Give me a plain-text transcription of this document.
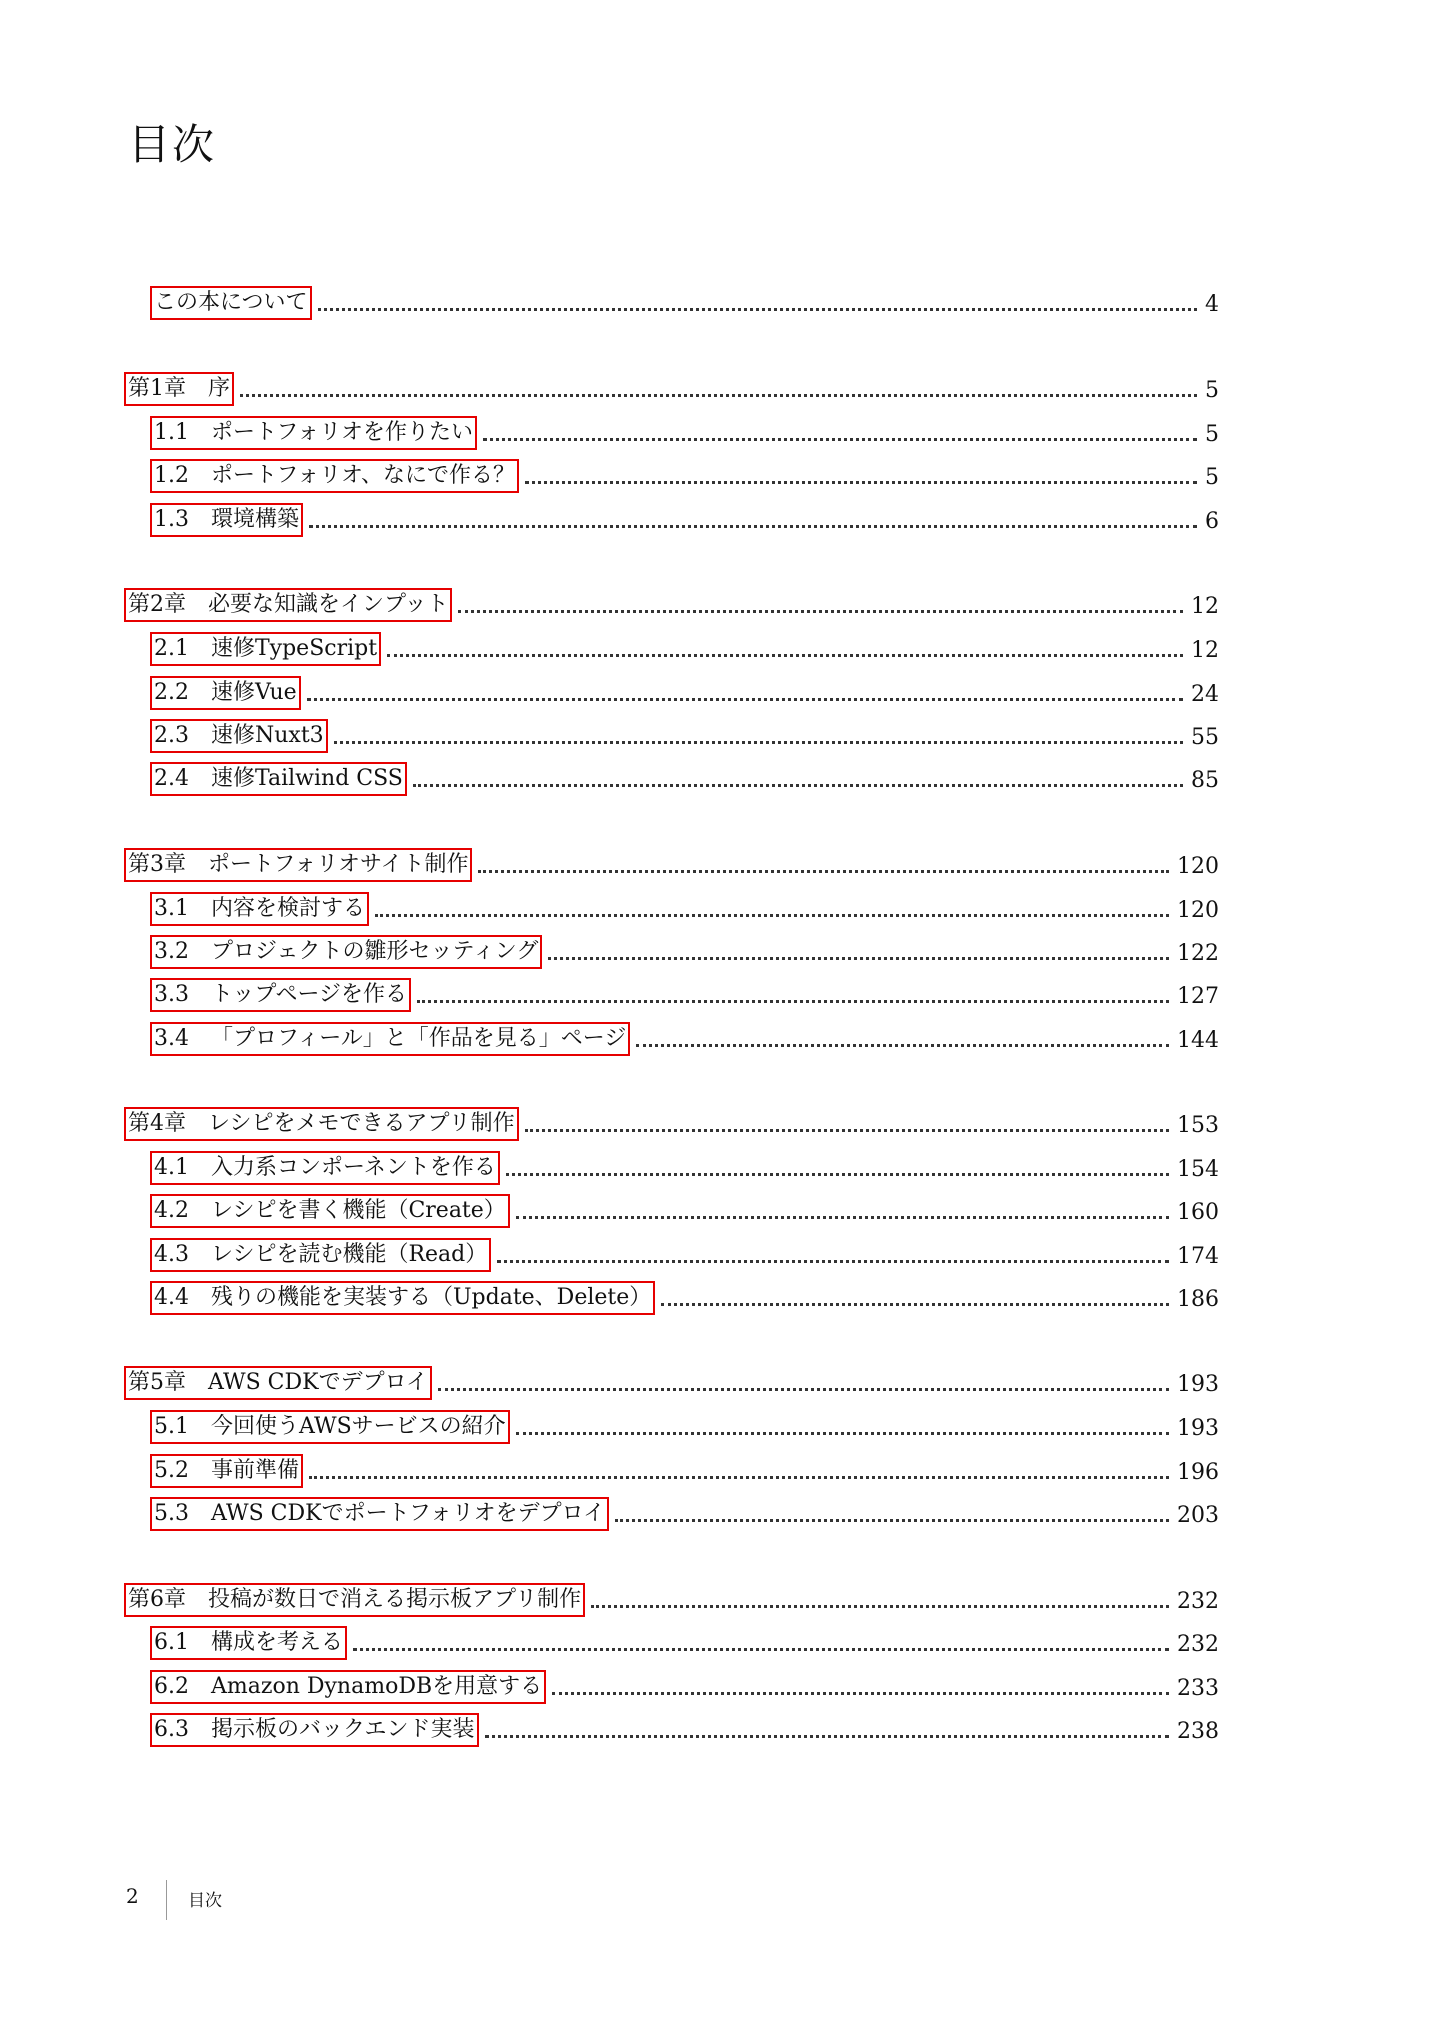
目次
この本について	4
第1章 序	5
1.1 ポートフォリオを作りたい	5
1.2 ポートフォリオ、なにで作る？	5
1.3 環境構築	6
第2章 必要な知識をインプット	12
2.1 速修TypeScript	12
2.2 速修Vue	24
2.3 速修Nuxt3	55
2.4 速修Tailwind CSS	85
第3章 ポートフォリオサイト制作	120
3.1 内容を検討する	120
3.2 プロジェクトの雛形セッティング	122
3.3 トップページを作る	127
3.4 「プロフィール」と「作品を見る」ページ	144
第4章 レシピをメモできるアプリ制作	153
4.1 入力系コンポーネントを作る	154
4.2 レシピを書く機能（Create）	160
4.3 レシピを読む機能（Read）	174
4.4 残りの機能を実装する（Update、Delete）	186
第5章 AWS CDKでデプロイ	193
5.1 今回使うAWSサービスの紹介	193
5.2 事前準備	196
5.3 AWS CDKでポートフォリオをデプロイ	203
第6章 投稿が数日で消える掲示板アプリ制作	232
6.1 構成を考える	232
6.2 Amazon DynamoDBを用意する	233
6.3 掲示板のバックエンド実装	238
2	目次
